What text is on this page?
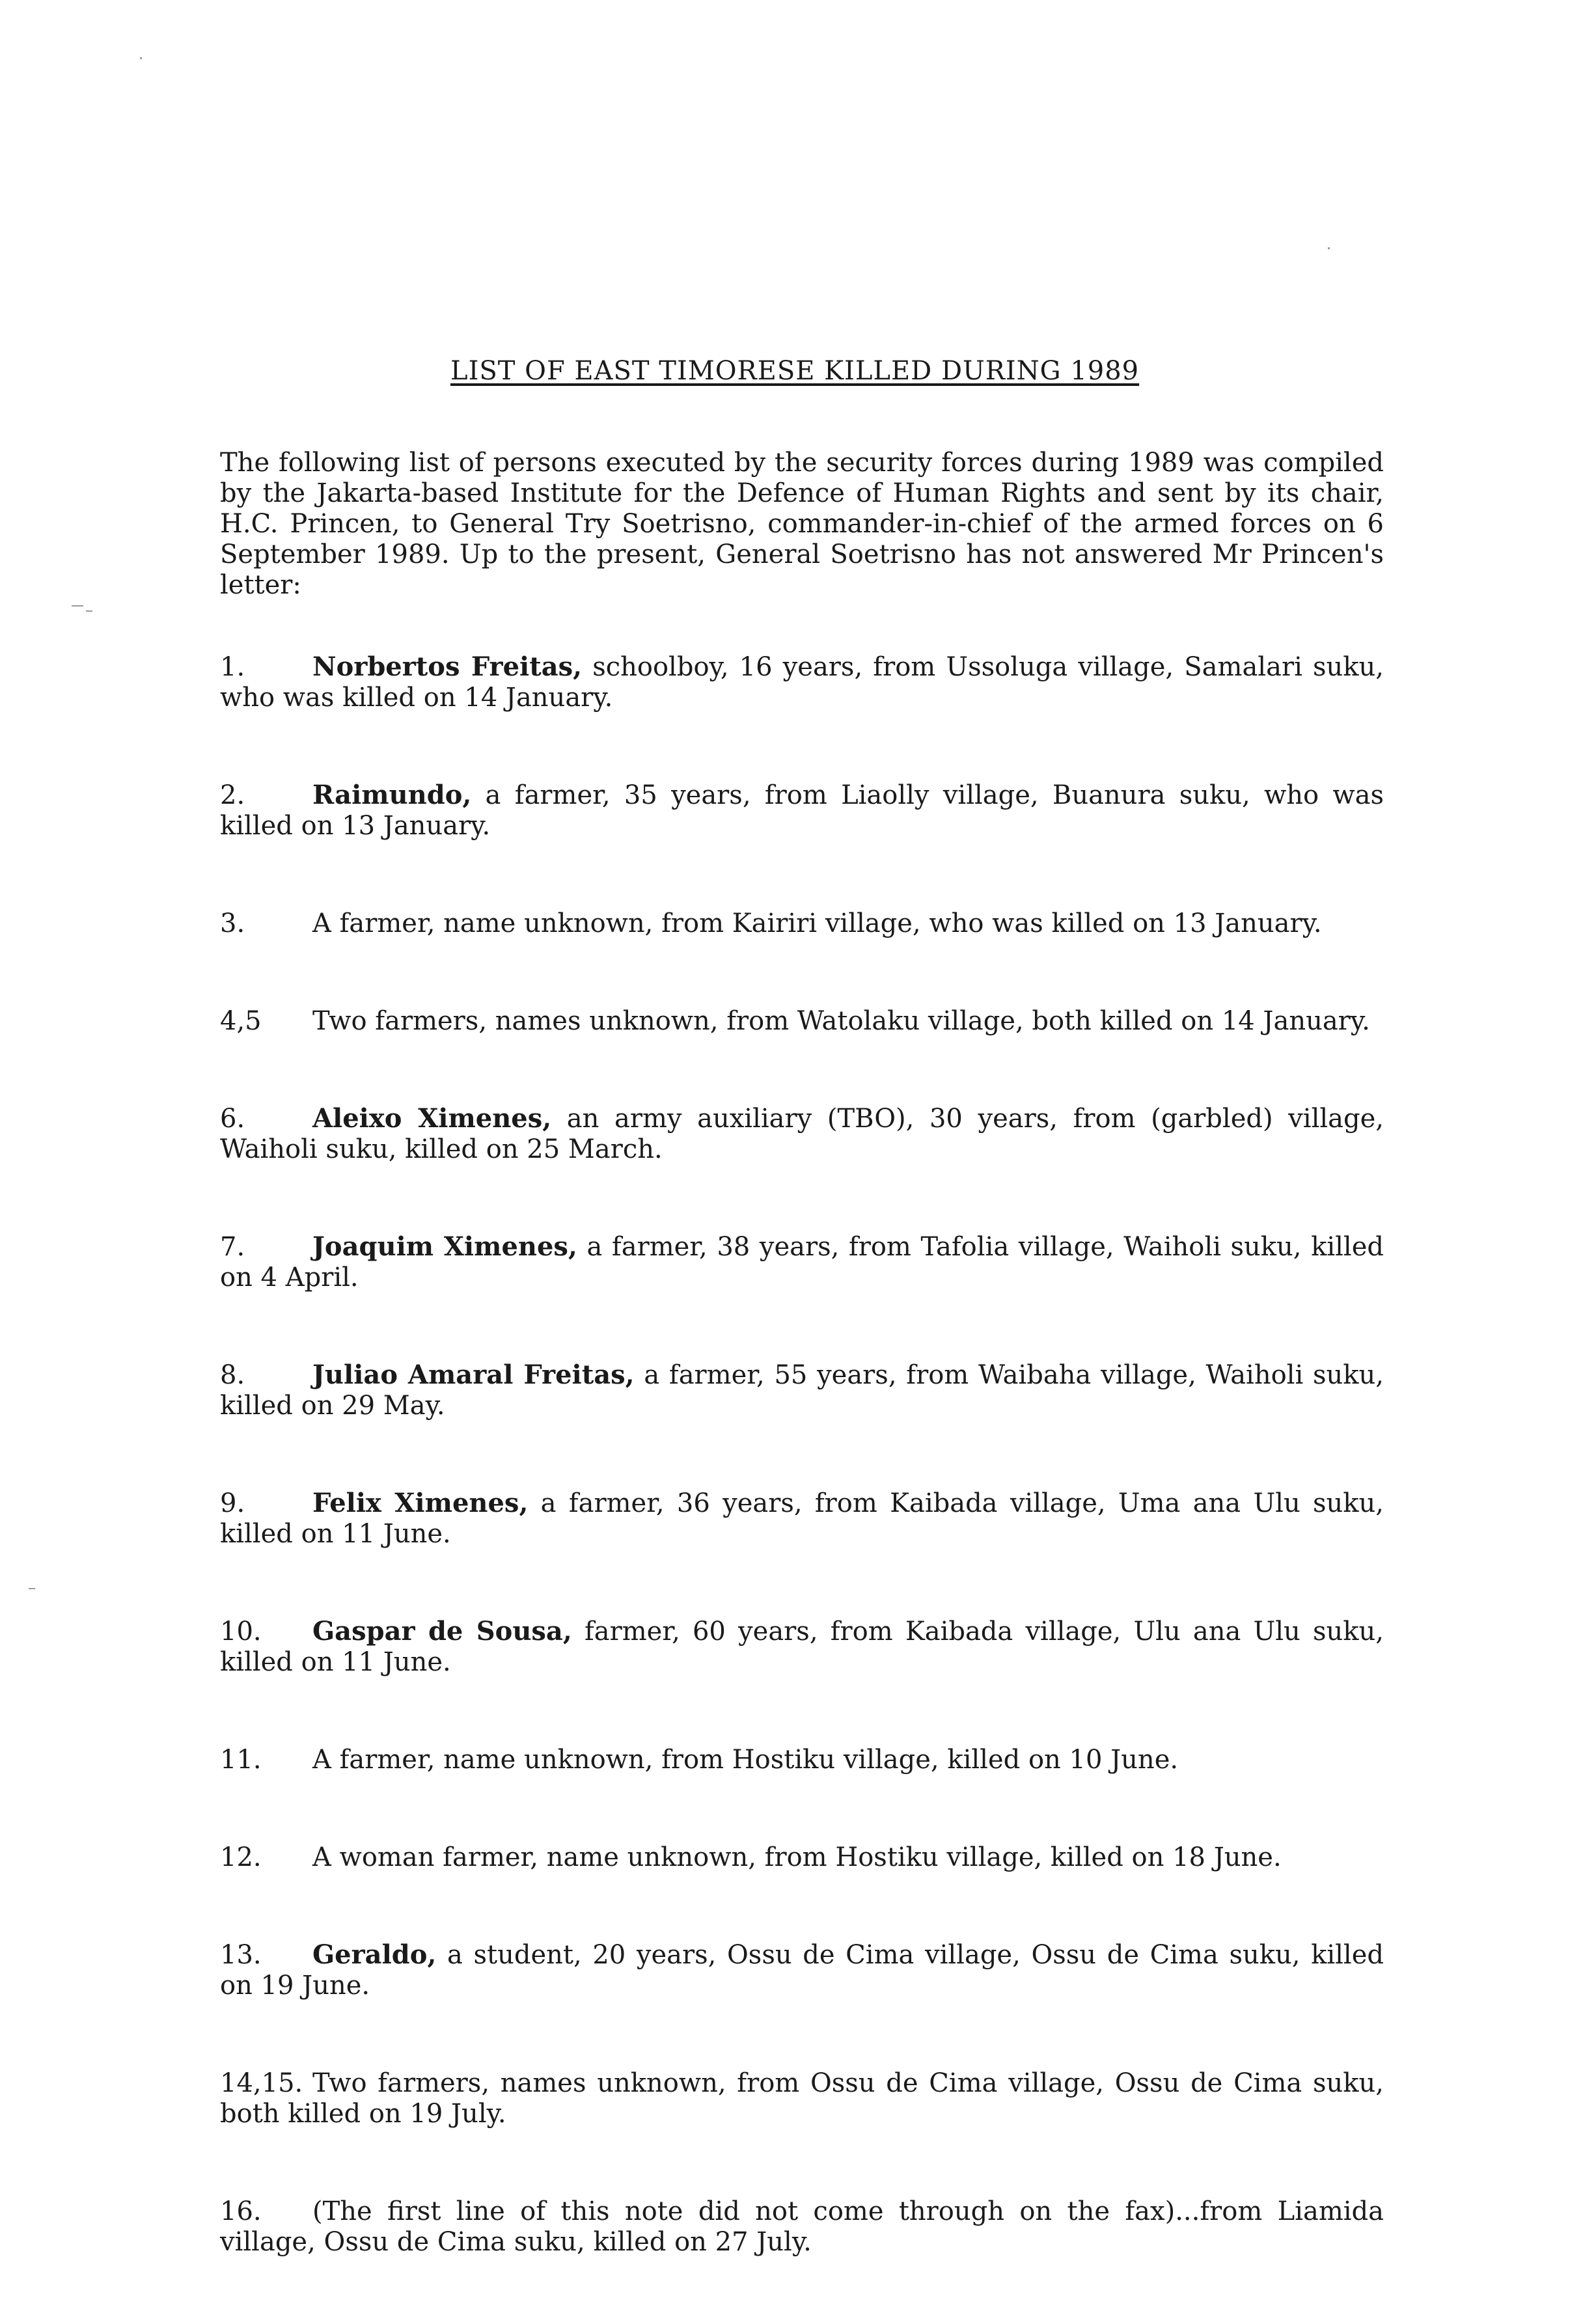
LIST OF EAST TIMORESE KILLED DURING 1989

The following list of persons executed by the security forces during 1989 was compiled by the Jakarta-based Institute for the Defence of Human Rights and sent by its chair, H.C. Princen, to General Try Soetrisno, commander-in-chief of the armed forces on 6 September 1989. Up to the present, General Soetrisno has not answered Mr Princen's letter:

1.	Norbertos Freitas, schoolboy, 16 years, from Ussoluga village, Samalari suku, who was killed on 14 January.

2.	Raimundo, a farmer, 35 years, from Liaolly village, Buanura suku, who was killed on 13 January.

3.	A farmer, name unknown, from Kairiri village, who was killed on 13 January.

4,5 Two farmers, names unknown, from Watolaku village, both killed on 14 January.

6.	Aleixo Ximenes, an army auxiliary (TBO), 30 years, from (garbled) village, Waiholi suku, killed on 25 March.

7.	Joaquim Ximenes, a farmer, 38 years, from Tafolia village, Waiholi suku, killed on 4 April.

8.	Juliao Amaral Freitas, a farmer, 55 years, from Waibaha village, Waiholi suku, killed on 29 May.

9.	Felix Ximenes, a farmer, 36 years, from Kaibada village, Uma ana Ulu suku, killed on 11 June.

10. Gaspar de Sousa, farmer, 60 years, from Kaibada village, Ulu ana Ulu suku, killed on 11 June.

11. A farmer, name unknown, from Hostiku village, killed on 10 June.

12. A woman farmer, name unknown, from Hostiku village, killed on 18 June.

13. Geraldo, a student, 20 years, Ossu de Cima village, Ossu de Cima suku, killed on 19 June.

14,15. Two farmers, names unknown, from Ossu de Cima village, Ossu de Cima suku, both killed on 19 July.

16. (The first line of this note did not come through on the fax)...from Liamida village, Ossu de Cima suku, killed on 27 July.
